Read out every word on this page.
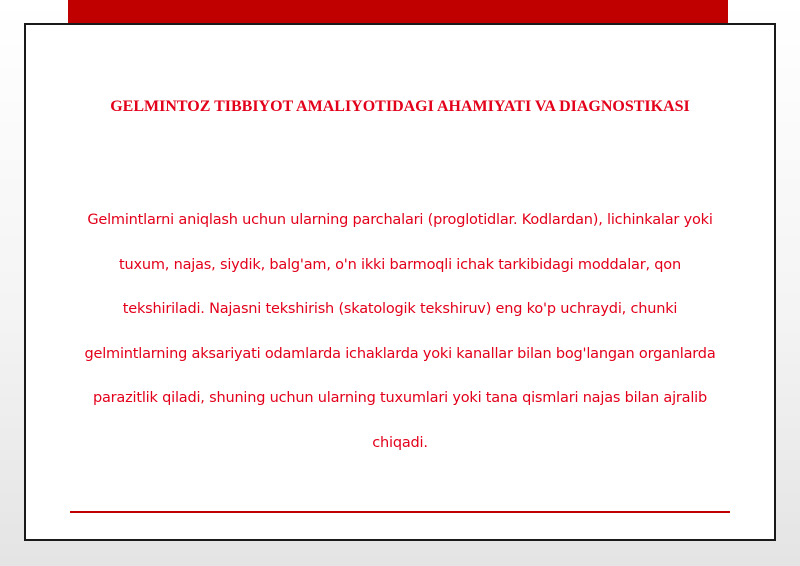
GELMINTOZ TIBBIYOT AMALIYOTIDAGI AHAMIYATI VA DIAGNOSTIKASI

Gelmintlarni aniqlash uchun ularning parchalari (proglotidlar. Kodlardan), lichinkalar yoki tuxum, najas, siydik, balg'am, o'n ikki barmoqli ichak tarkibidagi moddalar, qon tekshiriladi. Najasni tekshirish (skatologik tekshiruv) eng ko'p uchraydi, chunki gelmintlarning aksariyati odamlarda ichaklarda yoki kanallar bilan bog'langan organlarda parazitlik qiladi, shuning uchun ularning tuxumlari yoki tana qismlari najas bilan ajralib chiqadi.
